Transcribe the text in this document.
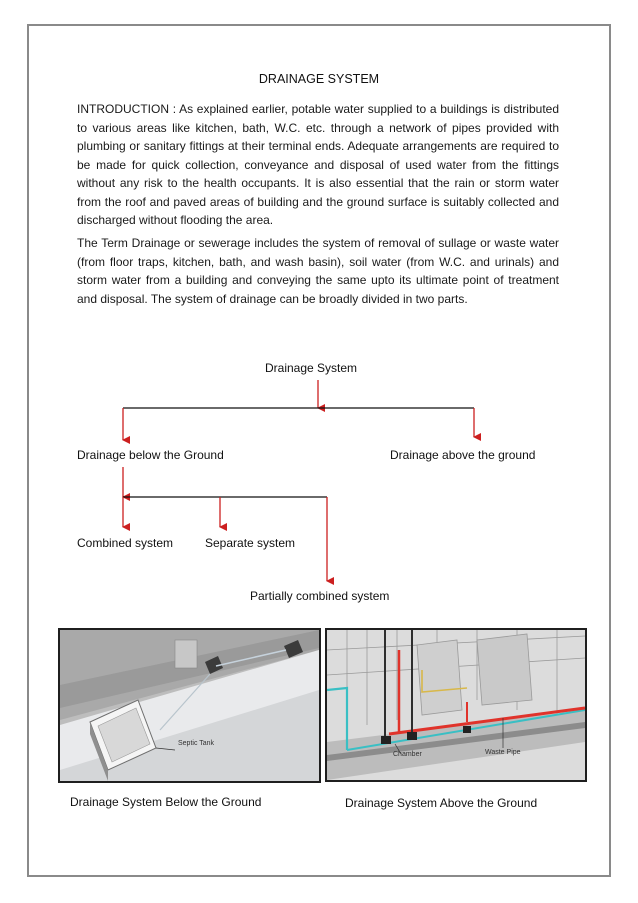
DRAINAGE SYSTEM

INTRODUCTION : As explained earlier, potable water supplied to a buildings is distributed to various areas like kitchen, bath, W.C. etc. through a network of pipes provided with plumbing or sanitary fittings at their terminal ends. Adequate arrangements are required to be made for quick collection, conveyance and disposal of used water from the fittings without any risk to the health occupants. It is also essential that the rain or storm water from the roof and paved areas of building and the ground surface is suitably collected and discharged without flooding the area.

The Term Drainage or sewerage includes the system of removal of sullage or waste water (from floor traps, kitchen, bath, and wash basin), soil water (from W.C. and urinals) and storm water from a building and conveying the same upto its ultimate point of treatment and disposal. The system of drainage can be broadly divided in two parts.

Drainage System
Drainage below the Ground	Drainage above the ground
Combined system	Separate system
Partially combined system
Septic Tank
Chamber	Waste Pipe
Drainage System Below the Ground	Drainage System Above the Ground
